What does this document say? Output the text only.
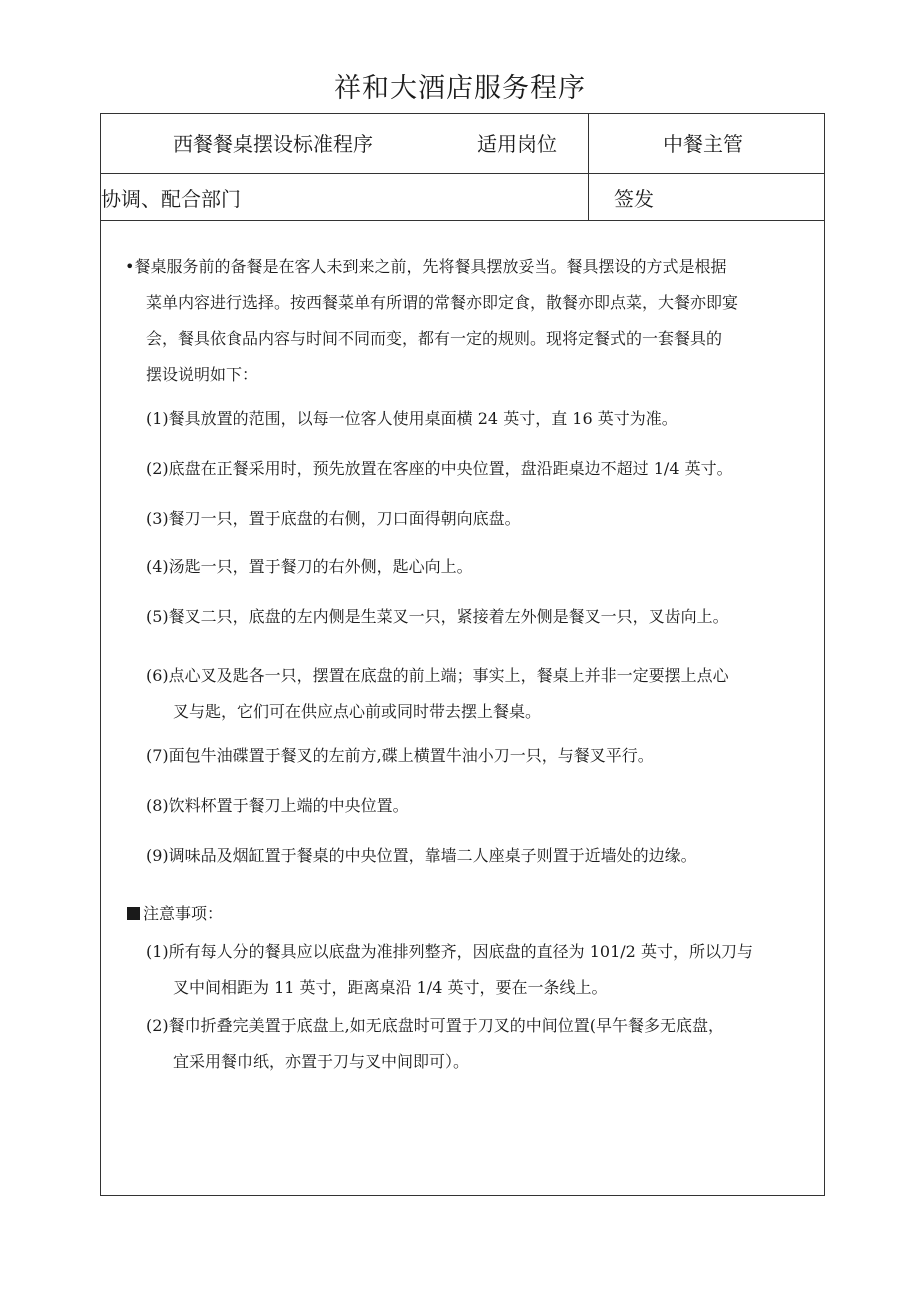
祥和大酒店服务程序
西餐餐桌摆设标准程序	适用岗位	中餐主管
协调、配合部门	签发
•餐桌服务前的备餐是在客人未到来之前，先将餐具摆放妥当。餐具摆设的方式是根据
菜单内容进行选择。按西餐菜单有所谓的常餐亦即定食，散餐亦即点菜，大餐亦即宴
会，餐具依食品内容与时间不同而变，都有一定的规则。现将定餐式的一套餐具的
摆设说明如下：
(1)餐具放置的范围，以每一位客人使用桌面横 24 英寸，直 16 英寸为准。
(2)底盘在正餐采用时，预先放置在客座的中央位置，盘沿距桌边不超过 1/4 英寸。
(3)餐刀一只，置于底盘的右侧，刀口面得朝向底盘。
(4)汤匙一只，置于餐刀的右外侧，匙心向上。
(5)餐叉二只，底盘的左内侧是生菜叉一只，紧接着左外侧是餐叉一只，叉齿向上。
(6)点心叉及匙各一只，摆置在底盘的前上端；事实上，餐桌上并非一定要摆上点心
叉与匙，它们可在供应点心前或同时带去摆上餐桌。
(7)面包牛油碟置于餐叉的左前方,碟上横置牛油小刀一只，与餐叉平行。
(8)饮料杯置于餐刀上端的中央位置。
(9)调味品及烟缸置于餐桌的中央位置，靠墙二人座桌子则置于近墙处的边缘。
注意事项：
(1)所有每人分的餐具应以底盘为准排列整齐，因底盘的直径为 101/2 英寸，所以刀与
叉中间相距为 11 英寸，距离桌沿 1/4 英寸，要在一条线上。
(2)餐巾折叠完美置于底盘上,如无底盘时可置于刀叉的中间位置(早午餐多无底盘，
宜采用餐巾纸，亦置于刀与叉中间即可）。
